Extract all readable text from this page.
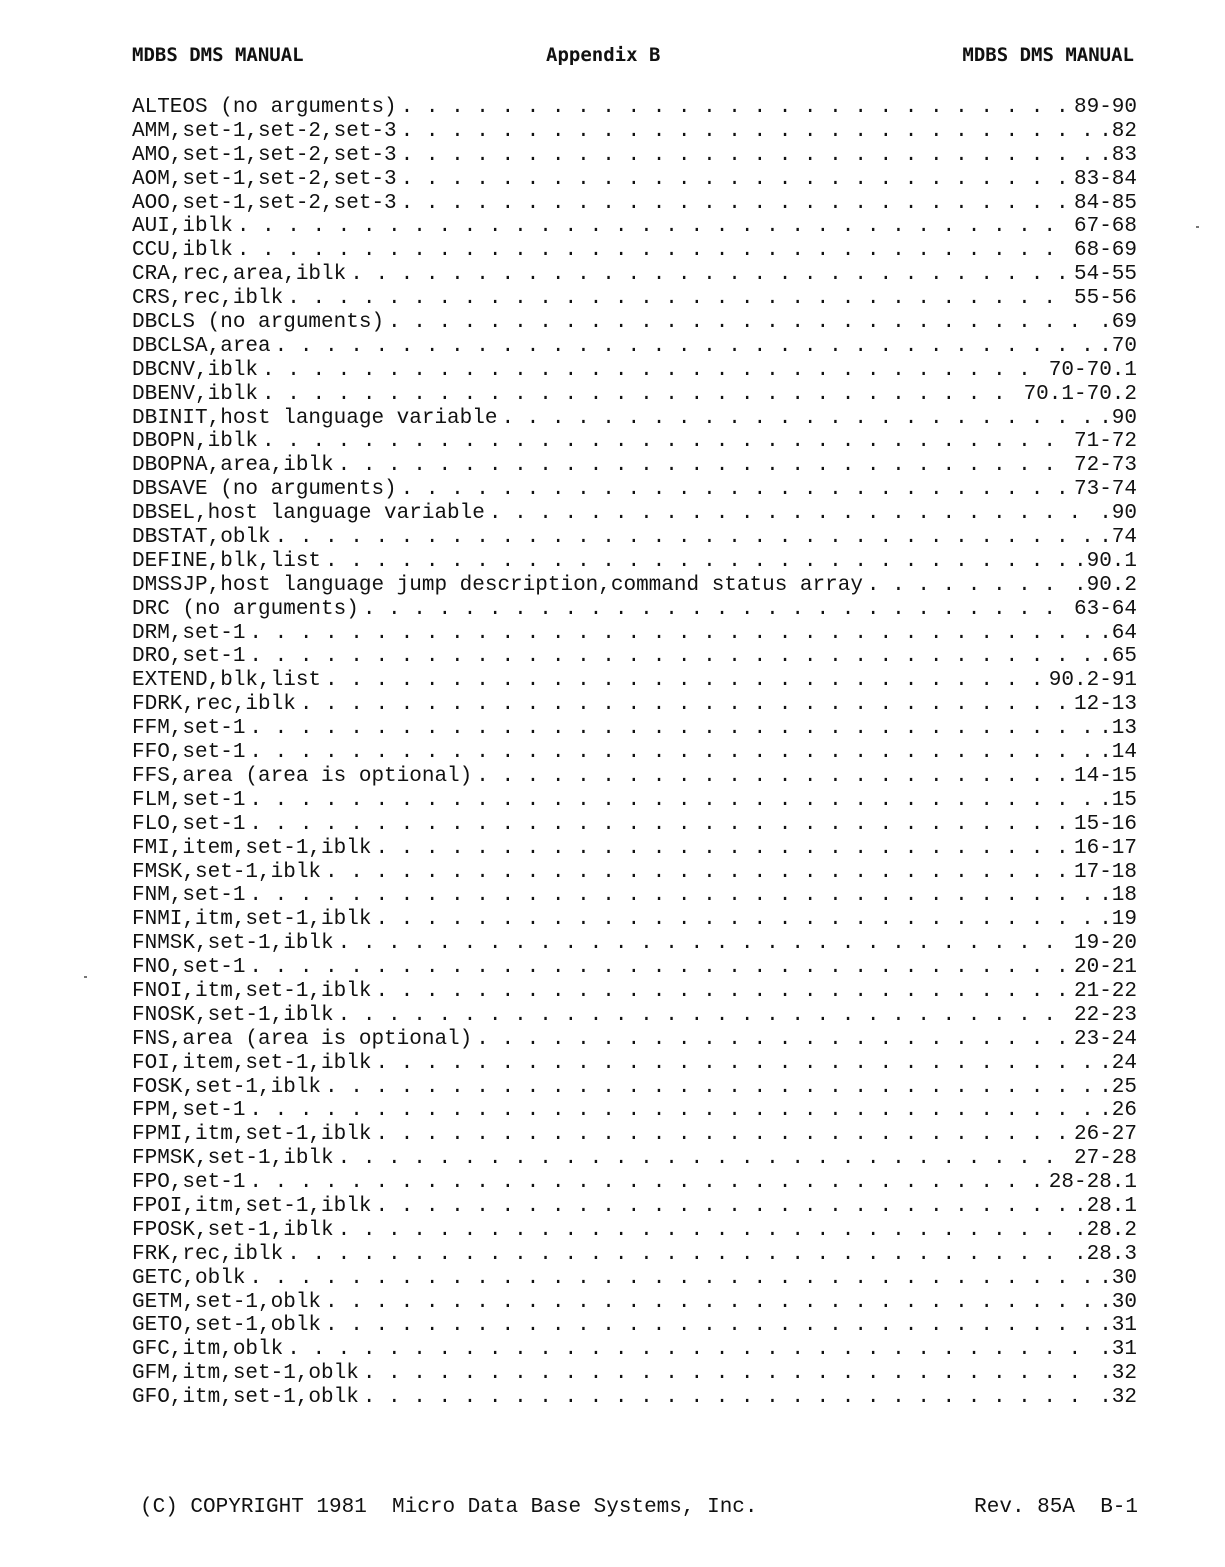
MDBS DMS MANUAL	Appendix B	MDBS DMS MANUAL
ALTEOS (no arguments) . . .	89-90
AMM,set-1,set-2,set-3 . . .	.82
AMO,set-1,set-2,set-3 . . .	.83
AOM,set-1,set-2,set-3 . . .	83-84
AOO,set-1,set-2,set-3 . . .	84-85
AUI,iblk . . .	67-68
CCU,iblk . . .	68-69
CRA,rec,area,iblk . . .	54-55
CRS,rec,iblk . . .	55-56
DBCLS (no arguments) . . .	.69
DBCLSA,area . . .	.70
DBCNV,iblk . . .	70-70.1
DBENV,iblk . . .	70.1-70.2
DBINIT,host language variable . . .	.90
DBOPN,iblk . . .	71-72
DBOPNA,area,iblk . . .	72-73
DBSAVE (no arguments) . . .	73-74
DBSEL,host language variable . . .	.90
DBSTAT,oblk . . .	.74
DEFINE,blk,list . . .	.90.1
DMSSJP,host language jump description,command status array . . .	.90.2
DRC (no arguments) . . .	63-64
DRM,set-1 . . .	.64
DRO,set-1 . . .	.65
EXTEND,blk,list . . .	90.2-91
FDRK,rec,iblk . . .	12-13
FFM,set-1 . . .	.13
FFO,set-1 . . .	.14
FFS,area (area is optional) . . .	14-15
FLM,set-1 . . .	.15
FLO,set-1 . . .	15-16
FMI,item,set-1,iblk . . .	16-17
FMSK,set-1,iblk . . .	17-18
FNM,set-1 . . .	.18
FNMI,itm,set-1,iblk . . .	.19
FNMSK,set-1,iblk . . .	19-20
FNO,set-1 . . .	20-21
FNOI,itm,set-1,iblk . . .	21-22
FNOSK,set-1,iblk . . .	22-23
FNS,area (area is optional) . . .	23-24
FOI,item,set-1,iblk . . .	.24
FOSK,set-1,iblk . . .	.25
FPM,set-1 . . .	.26
FPMI,itm,set-1,iblk . . .	26-27
FPMSK,set-1,iblk . . .	27-28
FPO,set-1 . . .	28-28.1
FPOI,itm,set-1,iblk . . .	.28.1
FPOSK,set-1,iblk . . .	.28.2
FRK,rec,iblk . . .	.28.3
GETC,oblk . . .	.30
GETM,set-1,oblk . . .	.30
GETO,set-1,oblk . . .	.31
GFC,itm,oblk . . .	.31
GFM,itm,set-1,oblk . . .	.32
GFO,itm,set-1,oblk . . .	.32
(C) COPYRIGHT 1981  Micro Data Base Systems, Inc.	Rev. 85A  B-1
